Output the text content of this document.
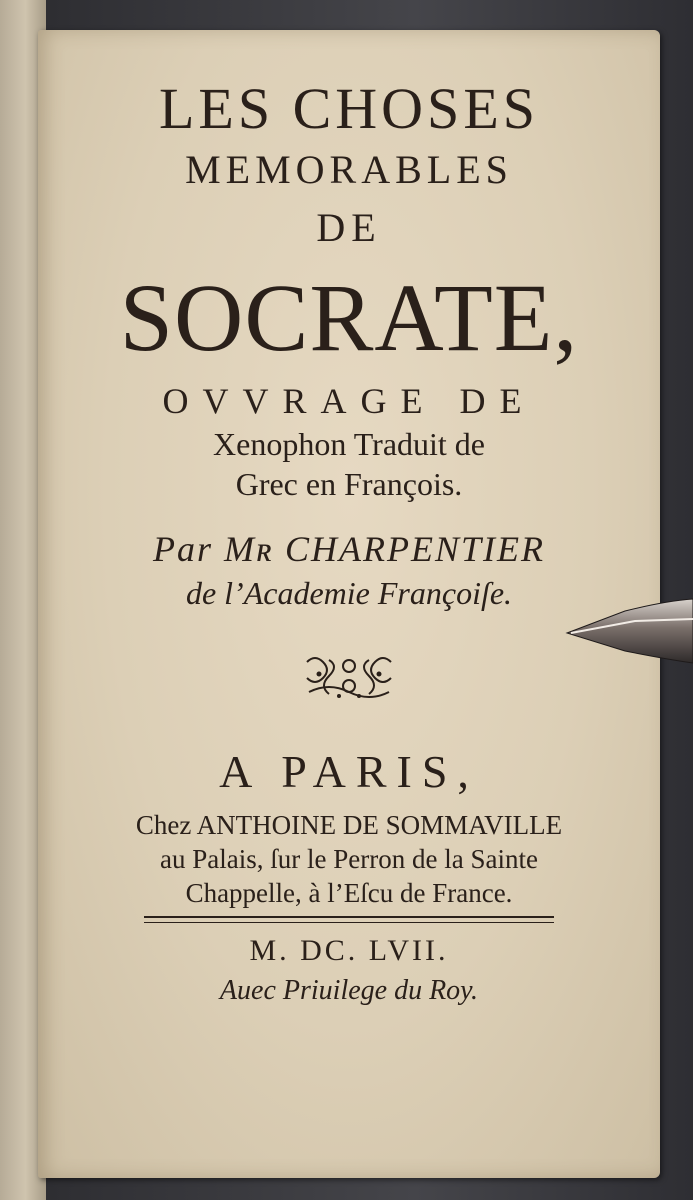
LES CHOSES
MEMORABLES
DE
SOCRATE,
OVVRAGE DE
Xenophon Traduit de
Grec en François.
Par Mʀ CHARPENTIER
de l’Academie Françoiſe.
A PARIS,
Chez ANTHOINE DE SOMMAVILLE
au Palais, ſur le Perron de la Sainte
Chappelle, à l’Eſcu de France.
M. DC. LVII.
Auec Priuilege du Roy.
